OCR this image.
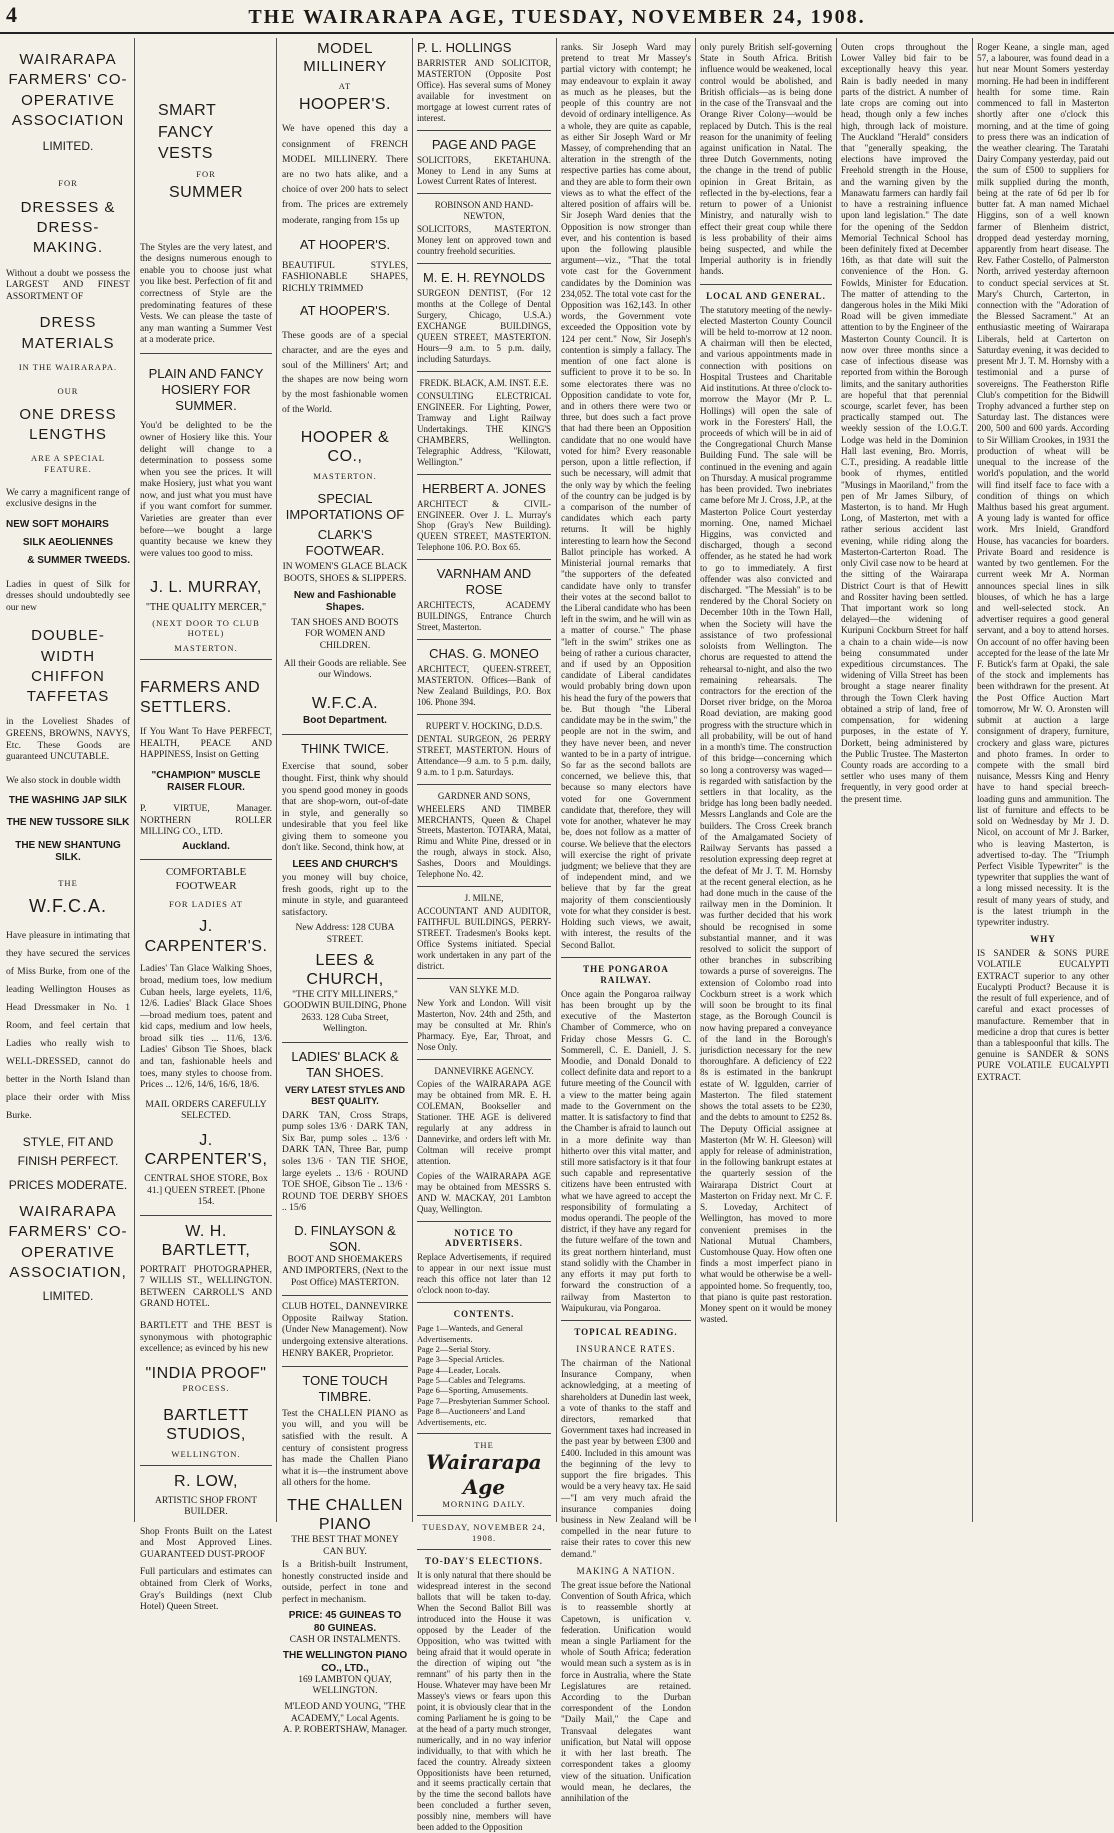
4	THE WAIRARAPA AGE, TUESDAY, NOVEMBER 24, 1908.
WAIRARAPA FARMERS' CO-OPERATIVE ASSOCIATION
LIMITED.
FOR
DRESSES & DRESS-MAKING.
Without a doubt we possess the LARGEST AND FINEST ASSORTMENT OF
DRESS MATERIALS
IN THE WAIRARAPA.
OUR
ONE DRESS LENGTHS
ARE A SPECIAL FEATURE.
We carry a magnificent range of exclusive designs in the
NEW SOFT MOHAIRS
SILK AEOLIENNES
& SUMMER TWEEDS.
Ladies in quest of Silk for dresses should undoubtedly see our new
DOUBLE-WIDTH CHIFFON TAFFETAS
in the Loveliest Shades of GREENS, BROWNS, NAVYS, Etc. These Goods are guaranteed UNCUTABLE.
We also stock in double width
THE WASHING JAP SILK
THE NEW TUSSORE SILK
THE NEW SHANTUNG SILK.
THE
W.F.C.A.
Have pleasure in intimating that they have secured the services of Miss Burke, from one of the leading Wellington Houses as Head Dressmaker in No. 1 Room, and feel certain that Ladies who really wish to WELL-DRESSED, cannot do better in the North Island than place their order with Miss Burke.
STYLE, FIT AND FINISH PERFECT.
PRICES MODERATE.
WAIRARAPA FARMERS' CO-OPERATIVE ASSOCIATION,
LIMITED.
SMART FANCY VESTS
FOR
SUMMER
The Styles are the very latest, and the designs numerous enough to enable you to choose just what you like best. Perfection of fit and correctness of Style are the predominating features of these Vests. We can please the taste of any man wanting a Summer Vest at a moderate price.
PLAIN AND FANCY HOSIERY FOR SUMMER.
You'd be delighted to be the owner of Hosiery like this. Your delight will change to a determination to possess some when you see the prices. It will make Hosiery, just what you want now, and just what you must have if you want comfort for summer. Varieties are greater than ever before—we bought a large quantity because we knew they were values too good to miss.
J. L. MURRAY,
"THE QUALITY MERCER,"
(NEXT DOOR TO CLUB HOTEL)
MASTERTON.
FARMERS AND SETTLERS.
If You Want To Have PERFECT, HEALTH, PEACE AND HAPPINESS, Insist on Getting
"CHAMPION" MUSCLE RAISER FLOUR.
P. VIRTUE, Manager. NORTHERN ROLLER MILLING CO., LTD.
Auckland.
COMFORTABLE FOOTWEAR
FOR LADIES AT
J. CARPENTER'S.
Ladies' Tan Glace Walking Shoes, broad, medium toes, low medium Cuban heels, large eyelets, 11/6, 12/6. Ladies' Black Glace Shoes—broad medium toes, patent and kid caps, medium and low heels, broad silk ties ... 11/6, 13/6. Ladies' Gibson Tie Shoes, black and tan, fashionable heels and toes, many styles to choose from. Prices ... 12/6, 14/6, 16/6, 18/6.
MAIL ORDERS CAREFULLY SELECTED.
J. CARPENTER'S,
CENTRAL SHOE STORE, Box 41.] QUEEN STREET. [Phone 154.
W. H. BARTLETT,
PORTRAIT PHOTOGRAPHER, 7 WILLIS ST., WELLINGTON. BETWEEN CARROLL'S AND GRAND HOTEL.
BARTLETT and THE BEST is synonymous with photographic excellence; as evinced by his new
"INDIA PROOF"
PROCESS.
BARTLETT STUDIOS,
WELLINGTON.
R. LOW,
ARTISTIC SHOP FRONT BUILDER.
Shop Fronts Built on the Latest and Most Approved Lines. GUARANTEED DUST-PROOF
Full particulars and estimates can obtained from Clerk of Works, Gray's Buildings (next Club Hotel) Queen Street.
MODEL MILLINERY
AT
HOOPER'S.
We have opened this day a consignment of FRENCH MODEL MILLINERY. There are no two hats alike, and a choice of over 200 hats to select from. The prices are extremely moderate, ranging from 15s up
AT HOOPER'S.
BEAUTIFUL STYLES, FASHIONABLE SHAPES, RICHLY TRIMMED
AT HOOPER'S.
These goods are of a special character, and are the eyes and soul of the Milliners' Art; and the shapes are now being worn by the most fashionable women of the World.
HOOPER & CO.,
MASTERTON.
SPECIAL IMPORTATIONS OF
CLARK'S FOOTWEAR.
IN WOMEN'S GLACE BLACK BOOTS, SHOES & SLIPPERS.
New and Fashionable Shapes.
TAN SHOES AND BOOTS FOR WOMEN AND CHILDREN.
All their Goods are reliable. See our Windows.
W.F.C.A.
Boot Department.
THINK TWICE.
Exercise that sound, sober thought. First, think why should you spend good money in goods that are shop-worn, out-of-date in style, and generally so undesirable that you feel like giving them to someone you don't like. Second, think how, at
LEES AND CHURCH'S
you money will buy choice, fresh goods, right up to the minute in style, and guaranteed satisfactory.
New Address: 128 CUBA STREET.
LEES & CHURCH,
"THE CITY MILLINERS,"
GOODWIN BUILDING, Phone 2633. 128 Cuba Street, Wellington.
LADIES' BLACK & TAN SHOES.
VERY LATEST STYLES AND BEST QUALITY.
DARK TAN, Cross Straps, pump soles 13/6 · DARK TAN, Six Bar, pump soles .. 13/6 · DARK TAN, Three Bar, pump soles 13/6 · TAN TIE SHOE, large eyelets .. 13/6 · ROUND TOE SHOE, Gibson Tie .. 13/6 · ROUND TOE DERBY SHOES .. 15/6
D. FINLAYSON & SON.
BOOT AND SHOEMAKERS AND IMPORTERS, (Next to the Post Office) MASTERTON.
CLUB HOTEL, DANNEVIRKE Opposite Railway Station. (Under New Management). Now undergoing extensive alterations. HENRY BAKER, Proprietor.
TONE TOUCH TIMBRE.
Test the CHALLEN PIANO as you will, and you will be satisfied with the result. A century of consistent progress has made the Challen Piano what it is—the instrument above all others for the home.
THE CHALLEN PIANO
THE BEST THAT MONEY CAN BUY.
Is a British-built Instrument, honestly constructed inside and outside, perfect in tone and perfect in mechanism.
PRICE: 45 GUINEAS TO 80 GUINEAS.
CASH OR INSTALMENTS.
THE WELLINGTON PIANO CO., LTD.,
169 LAMBTON QUAY, WELLINGTON.
M'LEOD AND YOUNG, "THE ACADEMY," Local Agents.
A. P. ROBERTSHAW, Manager.
P. L. HOLLINGS
BARRISTER AND SOLICITOR, MASTERTON (Opposite Post Office). Has several sums of Money available for investment on mortgage at lowest current rates of interest.
PAGE AND PAGE
SOLICITORS, EKETAHUNA. Money to Lend in any Sums at Lowest Current Rates of Interest.
ROBINSON AND HAND-NEWTON,
SOLICITORS, MASTERTON. Money lent on approved town and country freehold securities.
M. E. H. REYNOLDS
SURGEON DENTIST, (For 12 months at the College of Dental Surgery, Chicago, U.S.A.) EXCHANGE BUILDINGS, QUEEN STREET, MASTERTON. Hours—9 a.m. to 5 p.m. daily, including Saturdays.
FREDK. BLACK, A.M. INST. E.E.
CONSULTING ELECTRICAL ENGINEER. For Lighting, Power, Tramway and Light Railway Undertakings. THE KING'S CHAMBERS, Wellington. Telegraphic Address, "Kilowatt, Wellington."
HERBERT A. JONES
ARCHITECT & CIVIL-ENGINEER. Over J. L. Murray's Shop (Gray's New Building). QUEEN STREET, MASTERTON. Telephone 106. P.O. Box 65.
VARNHAM AND ROSE
ARCHITECTS, ACADEMY BUILDINGS, Entrance Church Street, Masterton.
CHAS. G. MONEO
ARCHITECT, QUEEN-STREET, MASTERTON. Offices—Bank of New Zealand Buildings, P.O. Box 106. Phone 394.
RUPERT V. HOCKING, D.D.S.
DENTAL SURGEON, 26 PERRY STREET, MASTERTON. Hours of Attendance—9 a.m. to 5 p.m. daily, 9 a.m. to 1 p.m. Saturdays.
GARDNER AND SONS,
WHEELERS AND TIMBER MERCHANTS, Queen & Chapel Streets, Masterton. TOTARA, Matai, Rimu and White Pine, dressed or in the rough, always in stock. Also, Sashes, Doors and Mouldings. Telephone No. 42.
J. MILNE,
ACCOUNTANT AND AUDITOR, FAITHFUL BUILDINGS, PERRY-STREET. Tradesmen's Books kept. Office Systems initiated. Special work undertaken in any part of the district.
VAN SLYKE M.D.
New York and London. Will visit Masterton, Nov. 24th and 25th, and may be consulted at Mr. Rhin's Pharmacy. Eye, Ear, Throat, and Nose Only.
DANNEVIRKE AGENCY.
Copies of the WAIRARAPA AGE may be obtained from MR. E. H. COLEMAN, Bookseller and Stationer. THE AGE is delivered regularly at any address in Dannevirke, and orders left with Mr. Coltman will receive prompt attention.
Copies of the WAIRARAPA AGE may be obtained from MESSRS S. AND W. MACKAY, 201 Lambton Quay, Wellington.
NOTICE TO ADVERTISERS.
Replace Advertisements, if required to appear in our next issue must reach this office not later than 12 o'clock noon to-day.
CONTENTS.
Page 1—Wanteds, and General Advertisements.
Page 2—Serial Story.
Page 3—Special Articles.
Page 4—Leader, Locals.
Page 5—Cables and Telegrams.
Page 6—Sporting, Amusements.
Page 7—Presbyterian Summer School.
Page 8—Auctioneers' and Land Advertisements, etc.
THE
Wairarapa Age
MORNING DAILY.
TUESDAY, NOVEMBER 24, 1908.
TO-DAY'S ELECTIONS.
It is only natural that there should be widespread interest in the second ballots that will be taken to-day. When the Second Ballot Bill was introduced into the House it was opposed by the Leader of the Opposition, who was twitted with being afraid that it would operate in the direction of wiping out "the remnant" of his party then in the House. Whatever may have been Mr Massey's views or fears upon this point, it is obviously clear that in the coming Parliament he is going to be at the head of a party much stronger, numerically, and in no way inferior individually, to that with which he faced the country. Already sixteen Oppositionists have been returned, and it seems practically certain that by the time the second ballots have been concluded a further seven, possibly nine, members will have been added to the Opposition
ranks. Sir Joseph Ward may pretend to treat Mr Massey's partial victory with contempt; he may endeavour to explain it away as much as he pleases, but the people of this country are not devoid of ordinary intelligence. As a whole, they are quite as capable, as either Sir Joseph Ward or Mr Massey, of comprehending that an alteration in the strength of the respective parties has come about, and they are able to form their own views as to what the effect of the altered position of affairs will be. Sir Joseph Ward denies that the Opposition is now stronger than ever, and his contention is based upon the following plausible argument—viz., "That the total vote cast for the Government candidates by the Dominion was 234,052. The total vote cast for the Opposition was 162,143. In other words, the Government vote exceeded the Opposition vote by 124 per cent." Now, Sir Joseph's contention is simply a fallacy. The mention of one fact alone is sufficient to prove it to be so. In some electorates there was no Opposition candidate to vote for, and in others there were two or three, but does such a fact prove that had there been an Opposition candidate that no one would have voted for him? Every reasonable person, upon a little reflection, if such be necessary, will admit that the only way by which the feeling of the country can be judged is by a comparison of the number of candidates which each party returns. It will be highly interesting to learn how the Second Ballot principle has worked. A Ministerial journal remarks that "the supporters of the defeated candidate have only to transfer their votes at the second ballot to the Liberal candidate who has been left in the swim, and he will win as a matter of course." The phase "left in the swim" strikes one as being of rather a curious character, and if used by an Opposition candidate of Liberal candidates would probably bring down upon his head the fury of the powers that be. But though "the Liberal candidate may be in the swim," the people are not in the swim, and they have never been, and never wanted to be in a party of intrigue. So far as the second ballots are concerned, we believe this, that because so many electors have voted for one Government candidate that, therefore, they will vote for another, whatever he may be, does not follow as a matter of course. We believe that the electors will exercise the right of private judgment; we believe that they are of independent mind, and we believe that by far the great majority of them conscientiously vote for what they consider is best. Holding such views, we await, with interest, the results of the Second Ballot.
THE PONGAROA RAILWAY.
Once again the Pongaroa railway has been brought up by the executive of the Masterton Chamber of Commerce, who on Friday chose Messrs G. C. Sommerell, C. E. Daniell, J. S. Moodie, and Donald Donald to collect definite data and report to a future meeting of the Council with a view to the matter being again made to the Government on the matter. It is satisfactory to find that the Chamber is afraid to launch out in a more definite way than hitherto over this vital matter, and still more satisfactory is it that four such capable and representative citizens have been entrusted with what we have agreed to accept the responsibility of formulating a modus operandi. The people of the district, if they have any regard for the future welfare of the town and its great northern hinterland, must stand solidly with the Chamber in any efforts it may put forth to forward the construction of a railway from Masterton to Waipukurau, via Pongaroa.
TOPICAL READING.
INSURANCE RATES.
The chairman of the National Insurance Company, when acknowledging, at a meeting of shareholders at Dunedin last week, a vote of thanks to the staff and directors, remarked that Government taxes had increased in the past year by between £300 and £400. Included in this amount was the beginning of the levy to support the fire brigades. This would be a very heavy tax. He said—"I am very much afraid the insurance companies doing business in New Zealand will be compelled in the near future to raise their rates to cover this new demand."
MAKING A NATION.
The great issue before the National Convention of South Africa, which is to reassemble shortly at Capetown, is unification v. federation. Unification would mean a single Parliament for the whole of South Africa; federation would mean such a system as is in force in Australia, where the State Legislatures are retained. According to the Durban correspondent of the London "Daily Mail," the Cape and Transvaal delegates want unification, but Natal will oppose it with her last breath. The correspondent takes a gloomy view of the situation. Unification would mean, he declares, the annihilation of the
only purely British self-governing State in South Africa. British influence would be weakened, local control would be abolished, and British officials—as is being done in the case of the Transvaal and the Orange River Colony—would be replaced by Dutch. This is the real reason for the unanimity of feeling against unification in Natal. The three Dutch Governments, noting the change in the trend of public opinion in Great Britain, as reflected in the by-elections, fear a return to power of a Unionist Ministry, and naturally wish to effect their great coup while there is less probability of their aims being suspected, and while the Imperial authority is in friendly hands.
LOCAL AND GENERAL.
The statutory meeting of the newly-elected Masterton County Council will be held to-morrow at 12 noon. A chairman will then be elected, and various appointments made in connection with positions on Hospital Trustees and Charitable Aid institutions. At three o'clock to-morrow the Mayor (Mr P. L. Hollings) will open the sale of work in the Foresters' Hall, the proceeds of which will be in aid of the Congregational Church Manse Building Fund. The sale will be continued in the evening and again on Thursday. A musical programme has been provided. Two inebriates came before Mr J. Cross, J.P., at the Masterton Police Court yesterday morning. One, named Michael Higgins, was convicted and discharged, though a second offender, as he stated he had work to go to immediately. A first offender was also convicted and discharged. "The Messiah" is to be rendered by the Choral Society on December 10th in the Town Hall, when the Society will have the assistance of two professional soloists from Wellington. The chorus are requested to attend the rehearsal to-night, and also the two remaining rehearsals. The contractors for the erection of the Dorset river bridge, on the Moroa Road deviation, are making good progress with the structure which in all probability, will be out of hand in a month's time. The construction of this bridge—concerning which so long a controversy was waged—is regarded with satisfaction by the settlers in that locality, as the bridge has long been badly needed. Messrs Langlands and Cole are the builders. The Cross Creek branch of the Amalgamated Society of Railway Servants has passed a resolution expressing deep regret at the defeat of Mr J. T. M. Hornsby at the recent general election, as he had done much in the cause of the railway men in the Dominion. It was further decided that his work should be recognised in some substantial manner, and it was resolved to solicit the support of other branches in subscribing towards a purse of sovereigns. The extension of Colombo road into Cockburn street is a work which will soon be brought to its final stage, as the Borough Council is now having prepared a conveyance of the land in the Borough's jurisdiction necessary for the new thoroughfare. A deficiency of £22 8s is estimated in the bankrupt estate of W. Iggulden, carrier of Masterton. The filed statement shows the total assets to be £230, and the debts to amount to £252 8s. The Deputy Official assignee at Masterton (Mr W. H. Gleeson) will apply for release of administration, in the following bankrupt estates at the quarterly session of the Wairarapa District Court at Masterton on Friday next. Mr C. F. S. Loveday, Architect of Wellington, has moved to more convenient premises in the National Mutual Chambers, Customhouse Quay. How often one finds a most imperfect piano in what would be otherwise be a well-appointed home. So frequently, too, that piano is quite past restoration. Money spent on it would be money wasted.
Outen crops throughout the Lower Valley bid fair to be exceptionally heavy this year. Rain is badly needed in many parts of the district. A number of late crops are coming out into head, though only a few inches high, through lack of moisture. The Auckland "Herald" considers that "generally speaking, the elections have improved the Freehold strength in the House, and the warning given by the Manawatu farmers can hardly fail to have a restraining influence upon land legislation." The date for the opening of the Seddon Memorial Technical School has been definitely fixed at December 16th, as that date will suit the convenience of the Hon. G. Fowlds, Minister for Education. The matter of attending to the dangerous holes in the Miki Miki Road will be given immediate attention to by the Engineer of the Masterton County Council. It is now over three months since a case of infectious disease was reported from within the Borough limits, and the sanitary authorities are hopeful that that perennial scourge, scarlet fever, has been practically stamped out. The weekly session of the I.O.G.T. Lodge was held in the Dominion Hall last evening, Bro. Morris, C.T., presiding. A readable little book of rhymes, entitled "Musings in Maoriland," from the pen of Mr James Silbury, of Masterton, is to hand. Mr Hugh Long, of Masterton, met with a rather serious accident last evening, while riding along the Masterton-Carterton Road. The only Civil case now to be heard at the sitting of the Wairarapa District Court is that of Hewitt and Rossiter having been settled. That important work so long delayed—the widening of Kuripuni Cockburn Street for half a chain to a chain wide—is now being consummated under expeditious circumstances. The widening of Villa Street has been brought a stage nearer finality through the Town Clerk having obtained a strip of land, free of compensation, for widening purposes, in the estate of Y. Dorkett, being administered by the Public Trustee. The Masterton County roads are according to a settler who uses many of them frequently, in very good order at the present time.
Roger Keane, a single man, aged 57, a labourer, was found dead in a hut near Mount Somers yesterday morning. He had been in indifferent health for some time. Rain commenced to fall in Masterton shortly after one o'clock this morning, and at the time of going to press there was an indication of the weather clearing. The Taratahi Dairy Company yesterday, paid out the sum of £500 to suppliers for milk supplied during the month, being at the rate of 6d per lb for butter fat. A man named Michael Higgins, son of a well known farmer of Blenheim district, dropped dead yesterday morning, apparently from heart disease. The Rev. Father Costello, of Palmerston North, arrived yesterday afternoon to conduct special services at St. Mary's Church, Carterton, in connection with the "Adoration of the Blessed Sacrament." At an enthusiastic meeting of Wairarapa Liberals, held at Carterton on Saturday evening, it was decided to present Mr J. T. M. Hornsby with a testimonial and a purse of sovereigns. The Featherston Rifle Club's competition for the Bidwill Trophy advanced a further step on Saturday last. The distances were 200, 500 and 600 yards. According to Sir William Crookes, in 1931 the production of wheat will be unequal to the increase of the world's population, and the world will find itself face to face with a condition of things on which Malthus based his great argument. A young lady is wanted for office work. Mrs Inield, Grandford House, has vacancies for boarders. Private Board and residence is wanted by two gentlemen. For the current week Mr A. Norman announces special lines in silk blouses, of which he has a large and well-selected stock. An advertiser requires a good general servant, and a boy to attend horses. On account of no offer having been accepted for the lease of the late Mr F. Butick's farm at Opaki, the sale of the stock and implements has been withdrawn for the present. At the Post Office Auction Mart tomorrow, Mr W. O. Aronsten will submit at auction a large consignment of drapery, furniture, crockery and glass ware, pictures and photo frames. In order to compete with the small bird nuisance, Messrs King and Henry have to hand special breech-loading guns and ammunition. The list of furniture and effects to be sold on Wednesday by Mr J. D. Nicol, on account of Mr J. Barker, who is leaving Masterton, is advertised to-day. The "Triumph Perfect Visible Typewriter" is the typewriter that supplies the want of a long missed necessity. It is the result of many years of study, and is the latest triumph in the typewriter industry.
WHY
IS SANDER & SONS PURE VOLATILE EUCALYPTI EXTRACT superior to any other Eucalypti Product? Because it is the result of full experience, and of careful and exact processes of manufacture. Remember that in medicine a drop that cures is better than a tablespoonful that kills. The genuine is SANDER & SONS PURE VOLATILE EUCALYPTI EXTRACT.
